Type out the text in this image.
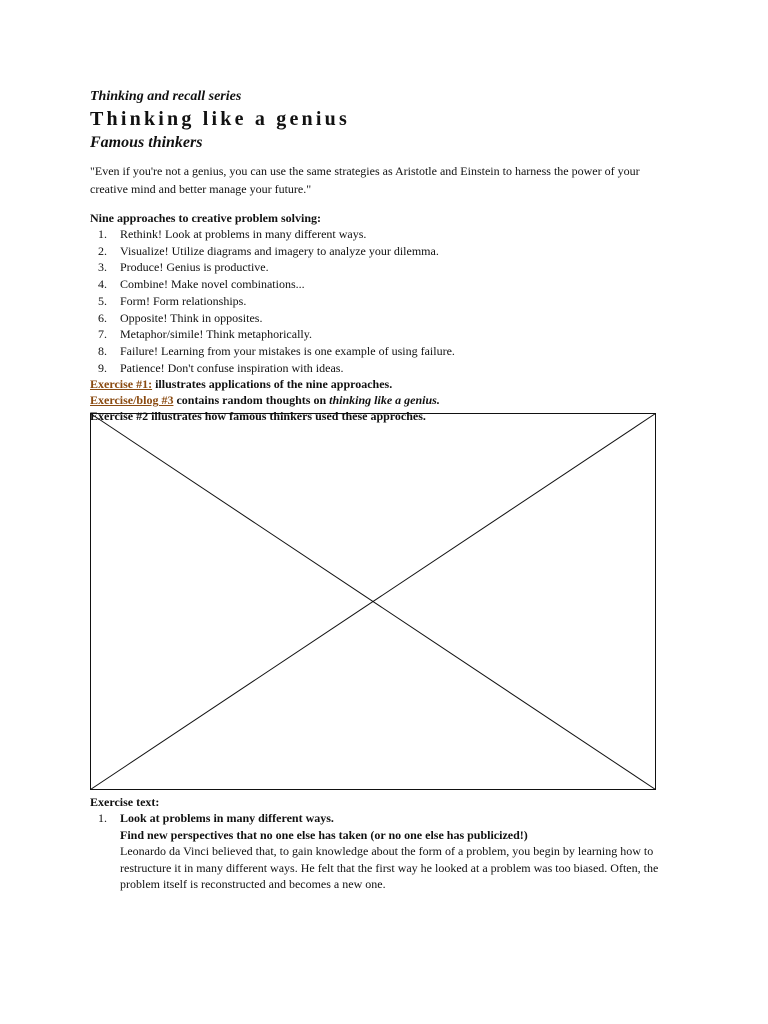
Thinking and recall series

Thinking like a genius
Famous thinkers

"Even if you're not a genius, you can use the same strategies as Aristotle and Einstein to harness the power of your creative mind and better manage your future."

Nine approaches to creative problem solving:

1.	Rethink! Look at problems in many different ways.
2.	Visualize! Utilize diagrams and imagery to analyze your dilemma.
3.	Produce! Genius is productive.
4.	Combine! Make novel combinations...
5.	Form! Form relationships.
6.	Opposite! Think in opposites.
7.	Metaphor/simile! Think metaphorically.
8.	Failure! Learning from your mistakes is one example of using failure.
9.	Patience! Don't confuse inspiration with ideas.

Exercise #1: illustrates applications of the nine approaches.

Exercise/blog #3 contains random thoughts on thinking like a genius.

Exercise #2 illustrates how famous thinkers used these approches.

Exercise text:

1.	Look at problems in many different ways.
Find new perspectives that no one else has taken (or no one else has publicized!)
Leonardo da Vinci believed that, to gain knowledge about the form of a problem, you begin by learning how to restructure it in many different ways. He felt that the first way he looked at a problem was too biased. Often, the problem itself is reconstructed and becomes a new one.
